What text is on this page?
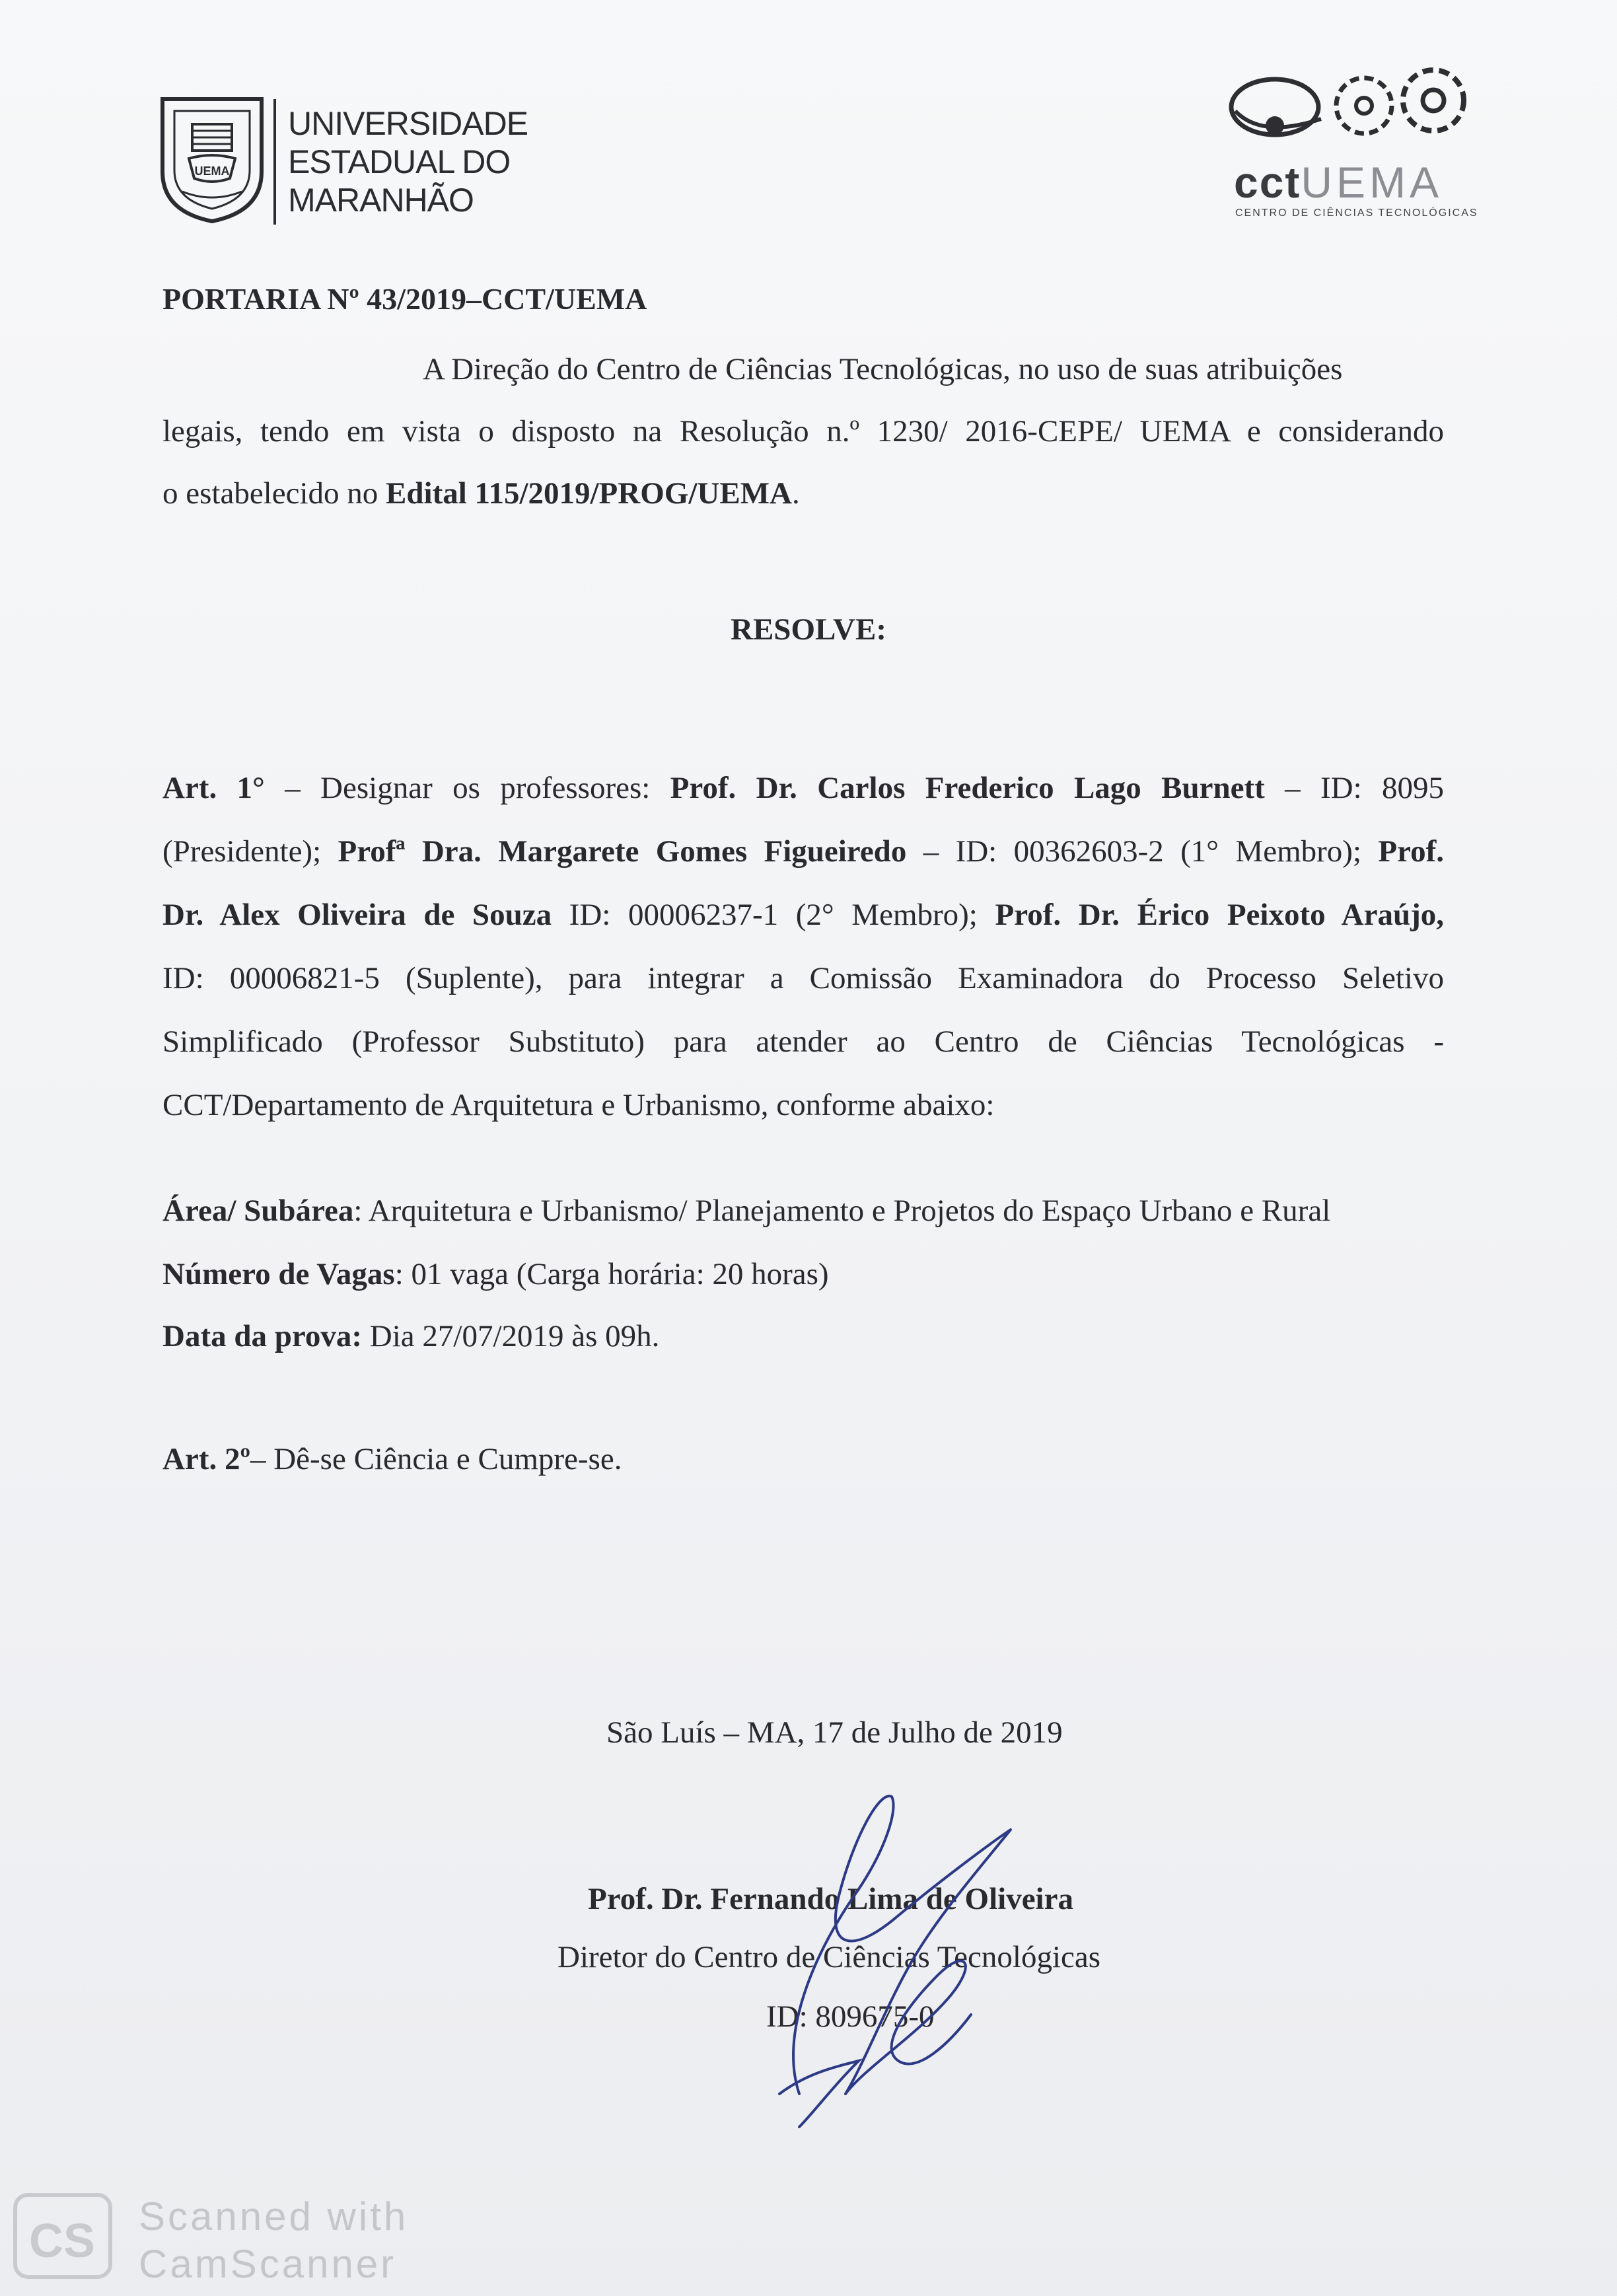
UEMA
UNIVERSIDADE
ESTADUAL DO
MARANHÃO	cctUEMA
CENTRO DE CIÊNCIAS TECNOLÓGICAS
PORTARIA Nº 43/2019–CCT/UEMA
A Direção do Centro de Ciências Tecnológicas, no uso de suas atribuições
legais, tendo em vista o disposto na Resolução n.º 1230/ 2016-CEPE/ UEMA e considerando
o estabelecido no Edital 115/2019/PROG/UEMA.
RESOLVE:
Art. 1° – Designar os professores: Prof. Dr. Carlos Frederico Lago Burnett – ID: 8095
(Presidente); Profª Dra. Margarete Gomes Figueiredo – ID: 00362603-2 (1° Membro); Prof.
Dr. Alex Oliveira de Souza ID: 00006237-1 (2° Membro); Prof. Dr. Érico Peixoto Araújo,
ID: 00006821-5 (Suplente), para integrar a Comissão Examinadora do Processo Seletivo
Simplificado (Professor Substituto) para atender ao Centro de Ciências Tecnológicas -
CCT/Departamento de Arquitetura e Urbanismo, conforme abaixo:
Área/ Subárea: Arquitetura e Urbanismo/ Planejamento e Projetos do Espaço Urbano e Rural
Número de Vagas: 01 vaga (Carga horária: 20 horas)
Data da prova: Dia 27/07/2019 às 09h.
Art. 2º– Dê-se Ciência e Cumpre-se.
São Luís – MA, 17 de Julho de 2019
Prof. Dr. Fernando Lima de Oliveira
Diretor do Centro de Ciências Tecnológicas
ID: 809675-0
CS Scanned with
CamScanner
